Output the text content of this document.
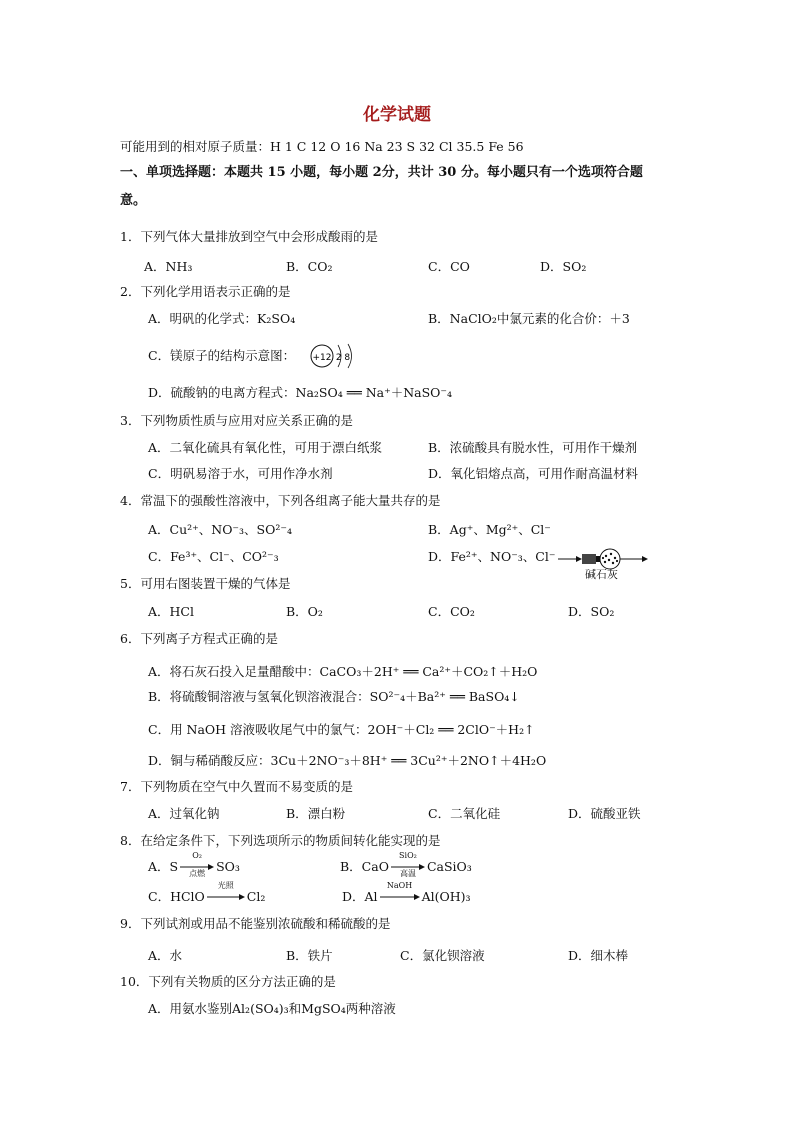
化学试题
可能用到的相对原子质量：H 1 C 12 O 16 Na 23 S 32 Cl 35.5 Fe 56
一、单项选择题：本题共 15 小题，每小题 2分，共计 30 分。每小题只有一个选项符合题
意。
1．下列气体大量排放到空气中会形成酸雨的是
A．NH₃	B．CO₂	C．CO	D．SO₂
2．下列化学用语表示正确的是
A．明矾的化学式：K₂SO₄	B．NaClO₂中氯元素的化合价：＋3
C．镁原子的结构示意图： +12 2 8
D．硫酸钠的电离方程式：Na₂SO₄ ══ Na⁺＋NaSO⁻₄
3．下列物质性质与应用对应关系正确的是
A．二氧化硫具有氧化性，可用于漂白纸浆	B．浓硫酸具有脱水性，可用作干燥剂
C．明矾易溶于水，可用作净水剂	D．氧化铝熔点高，可用作耐高温材料
4．常温下的强酸性溶液中，下列各组离子能大量共存的是
A．Cu²⁺、NO⁻₃、SO²⁻₄	B．Ag⁺、Mg²⁺、Cl⁻
C．Fe³⁺、Cl⁻、CO²⁻₃	D．Fe²⁺、NO⁻₃、Cl⁻
碱石灰
5．可用右图装置干燥的气体是
A．HCl	B．O₂	C．CO₂	D．SO₂
6．下列离子方程式正确的是
A．将石灰石投入足量醋酸中：CaCO₃＋2H⁺ ══ Ca²⁺＋CO₂↑＋H₂O
B．将硫酸铜溶液与氢氧化钡溶液混合：SO²⁻₄＋Ba²⁺ ══ BaSO₄↓
C．用 NaOH 溶液吸收尾气中的氯气：2OH⁻＋Cl₂ ══ 2ClO⁻＋H₂↑
D．铜与稀硝酸反应：3Cu＋2NO⁻₃＋8H⁺ ══ 3Cu²⁺＋2NO↑＋4H₂O
7．下列物质在空气中久置而不易变质的是
A．过氧化钠	B．漂白粉	C．二氧化硅	D．硫酸亚铁
8．在给定条件下，下列选项所示的物质间转化能实现的是
A．S
O₂
点燃 SO₃	B．CaO
SiO₂
高温 CaSiO₃
C．HClO
光照
Cl₂	D．Al
NaOH
Al(OH)₃
9．下列试剂或用品不能鉴别浓硫酸和稀硫酸的是
A．水	B．铁片	C．氯化钡溶液	D．细木棒
10．下列有关物质的区分方法正确的是
A．用氨水鉴别Al₂(SO₄)₃和MgSO₄两种溶液
